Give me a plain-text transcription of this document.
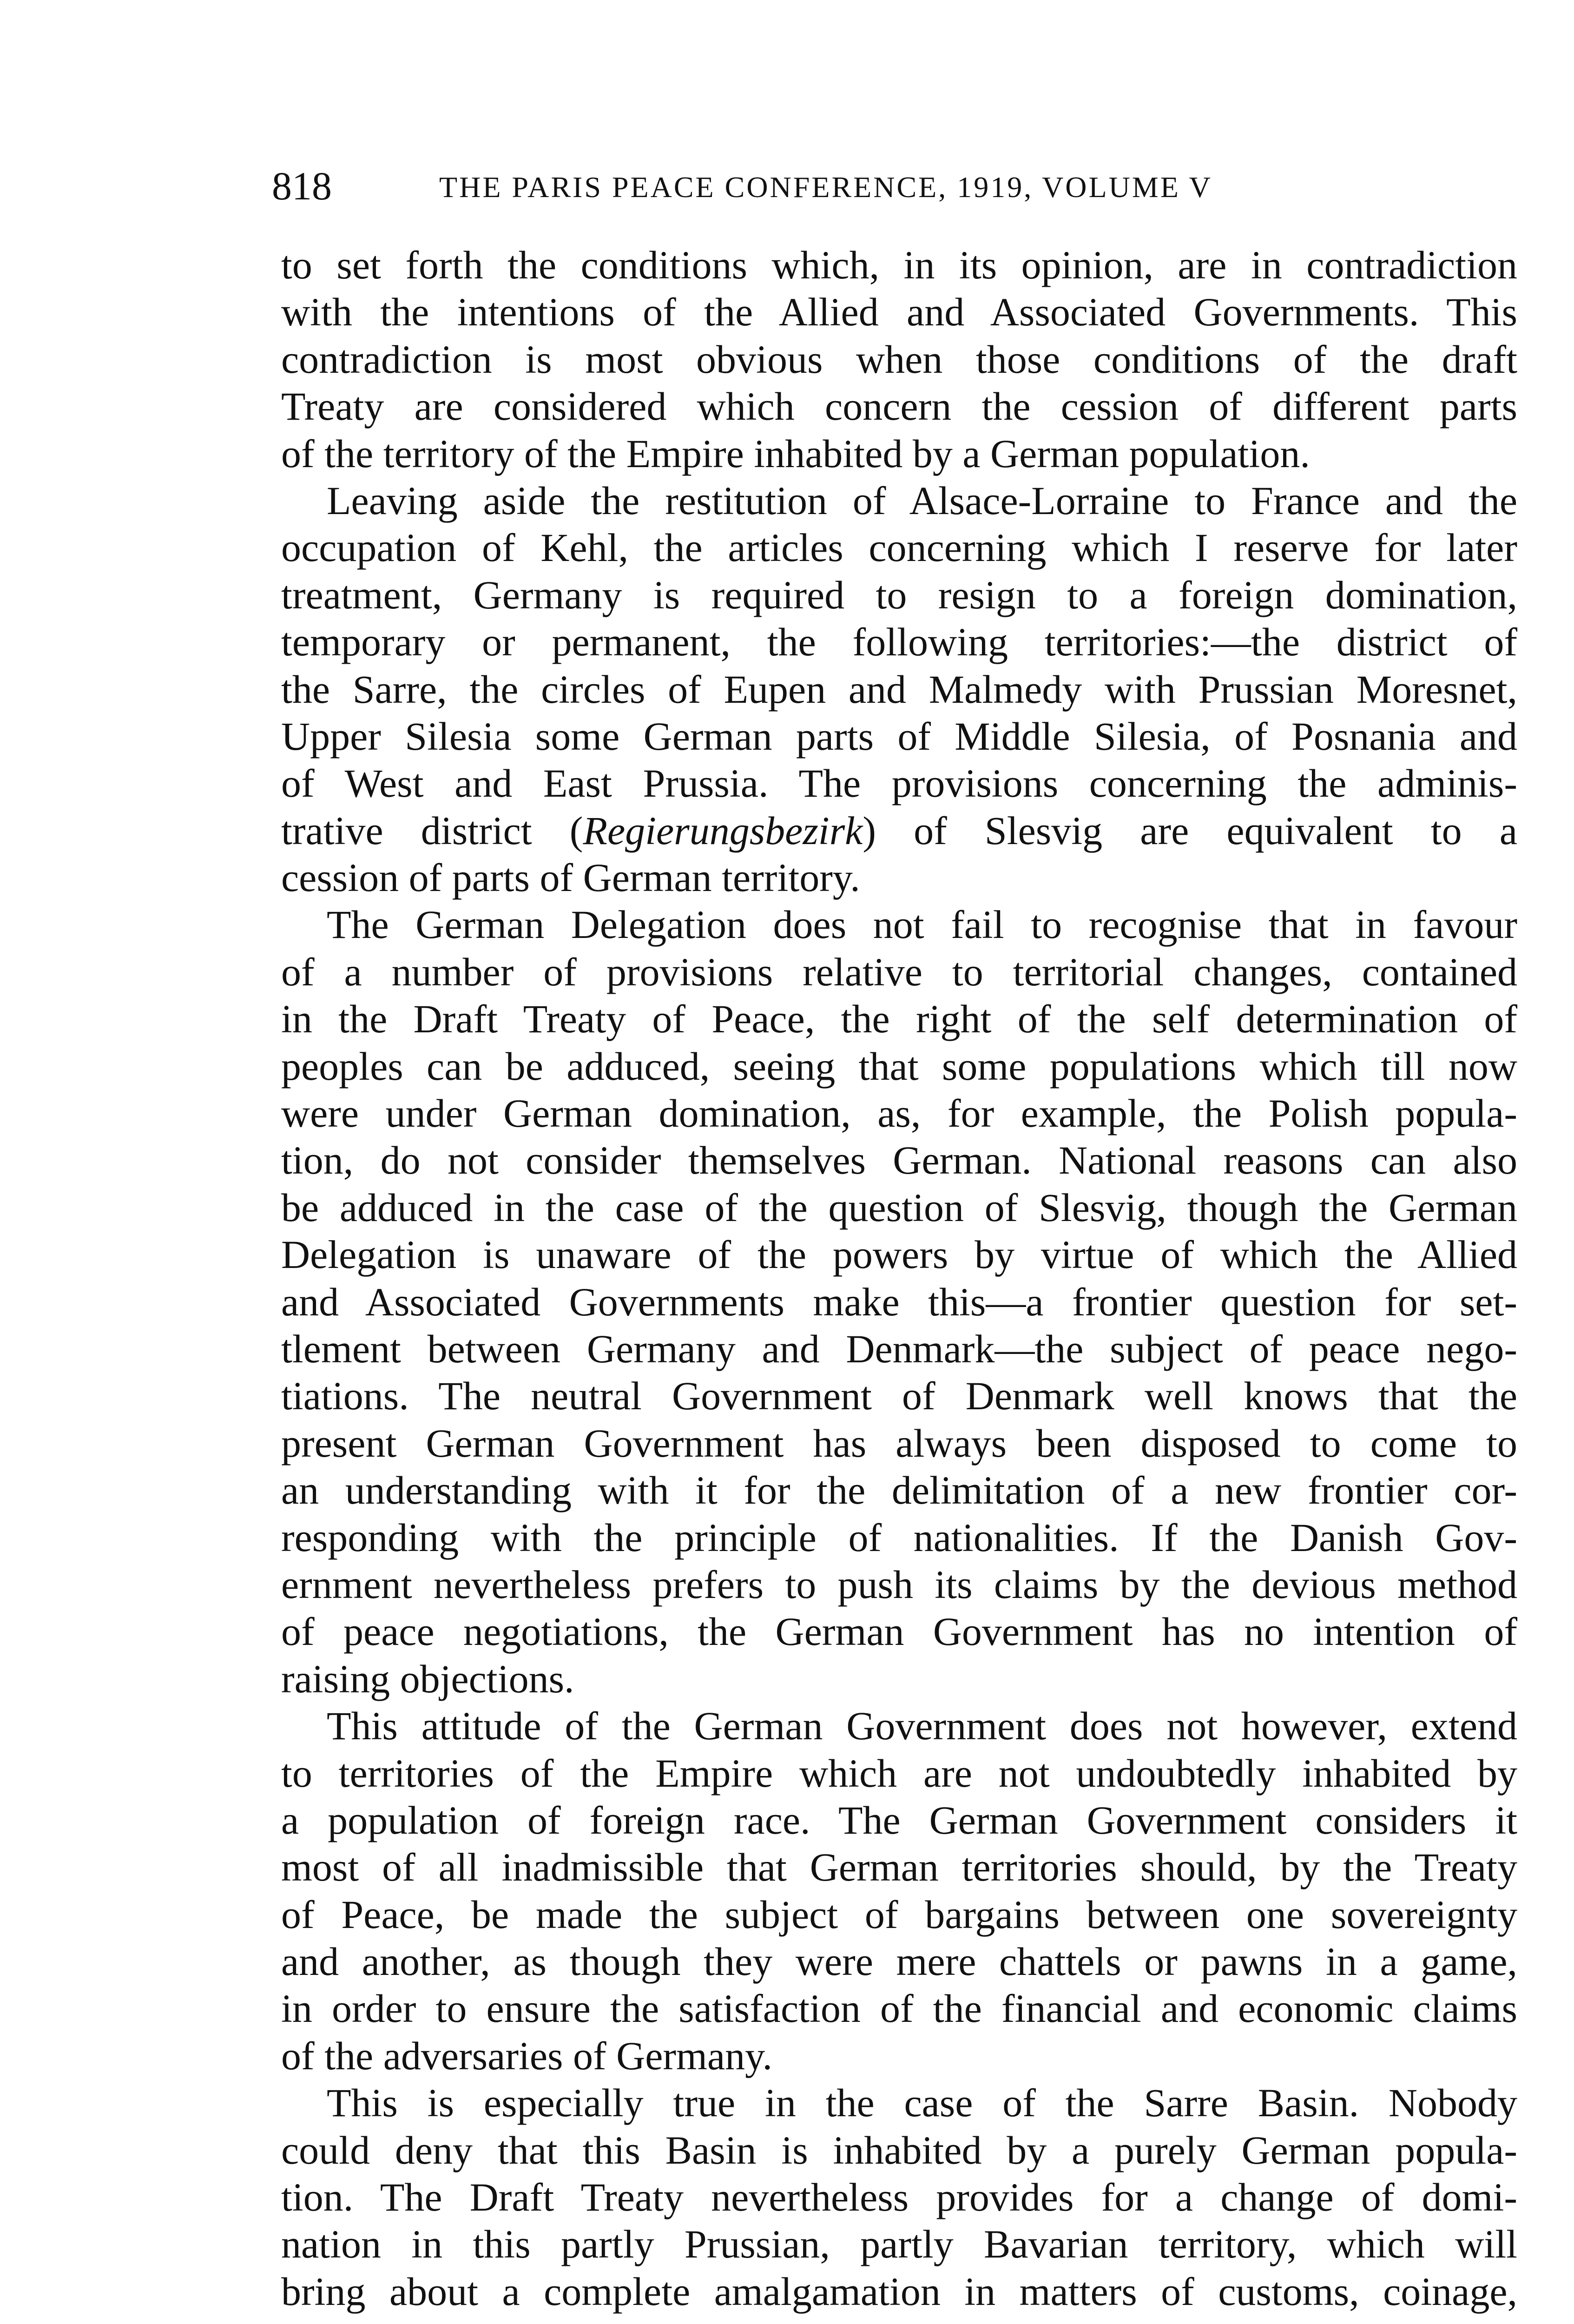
818	THE PARIS PEACE CONFERENCE, 1919, VOLUME V
to set forth the conditions which, in its opinion, are in contradiction
with the intentions of the Allied and Associated Governments. This
contradiction is most obvious when those conditions of the draft
Treaty are considered which concern the cession of different parts
of the territory of the Empire inhabited by a German population.
Leaving aside the restitution of Alsace-Lorraine to France and the
occupation of Kehl, the articles concerning which I reserve for later
treatment, Germany is required to resign to a foreign domination,
temporary or permanent, the following territories:—the district of
the Sarre, the circles of Eupen and Malmedy with Prussian Moresnet,
Upper Silesia some German parts of Middle Silesia, of Posnania and
of West and East Prussia. The provisions concerning the adminis-
trative district (Regierungsbezirk) of Slesvig are equivalent to a
cession of parts of German territory.
The German Delegation does not fail to recognise that in favour
of a number of provisions relative to territorial changes, contained
in the Draft Treaty of Peace, the right of the self determination of
peoples can be adduced, seeing that some populations which till now
were under German domination, as, for example, the Polish popula-
tion, do not consider themselves German. National reasons can also
be adduced in the case of the question of Slesvig, though the German
Delegation is unaware of the powers by virtue of which the Allied
and Associated Governments make this—a frontier question for set-
tlement between Germany and Denmark—the subject of peace nego-
tiations. The neutral Government of Denmark well knows that the
present German Government has always been disposed to come to
an understanding with it for the delimitation of a new frontier cor-
responding with the principle of nationalities. If the Danish Gov-
ernment nevertheless prefers to push its claims by the devious method
of peace negotiations, the German Government has no intention of
raising objections.
This attitude of the German Government does not however, extend
to territories of the Empire which are not undoubtedly inhabited by
a population of foreign race. The German Government considers it
most of all inadmissible that German territories should, by the Treaty
of Peace, be made the subject of bargains between one sovereignty
and another, as though they were mere chattels or pawns in a game,
in order to ensure the satisfaction of the financial and economic claims
of the adversaries of Germany.
This is especially true in the case of the Sarre Basin. Nobody
could deny that this Basin is inhabited by a purely German popula-
tion. The Draft Treaty nevertheless provides for a change of domi-
nation in this partly Prussian, partly Bavarian territory, which will
bring about a complete amalgamation in matters of customs, coinage,
